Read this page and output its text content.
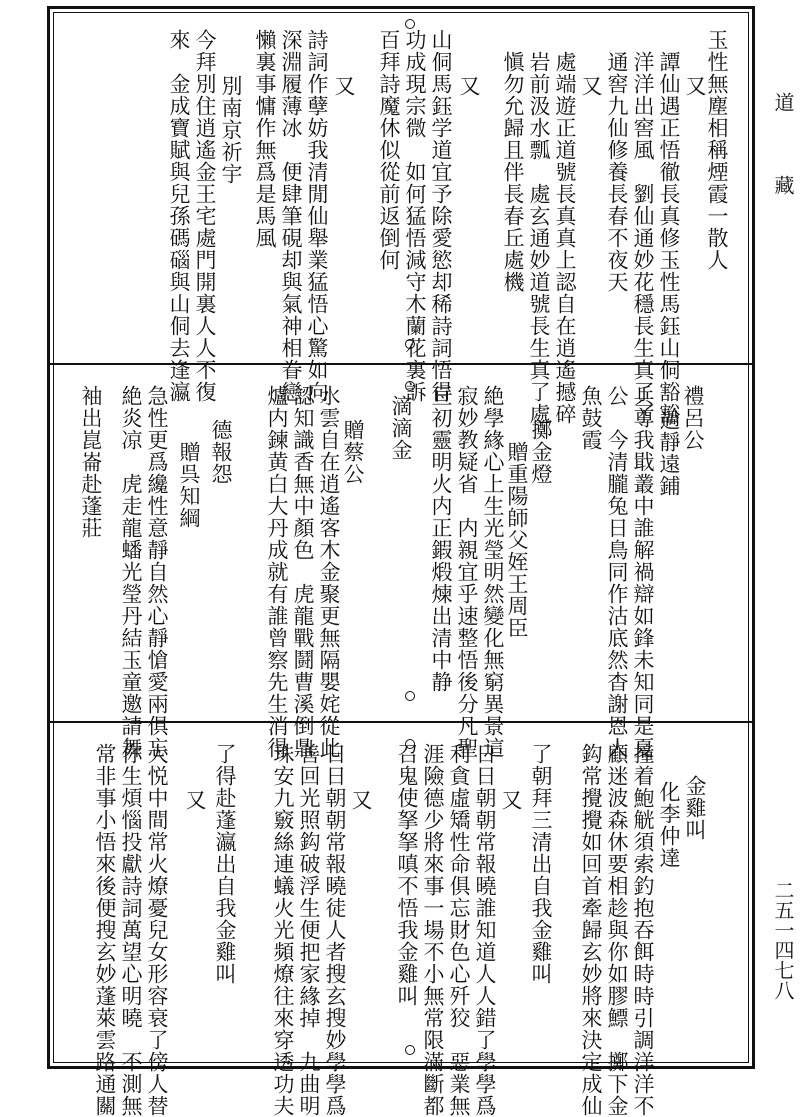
玉性無塵相稱煙霞一散人
又
譚仙遇正悟徹長真修玉性馬鈺山侗豁豁
洋洋出窖風　劉仙通妙花穩長生真了了
通窖九仙修養長春不夜天
又
處端遊正道號長真真上認自在逍遙撼碎
岩前汲水瓢　處玄通妙道號長生真了處
愼勿允歸且伴長春丘處機
又
山侗馬鈺学道宜予除愛慾却稀詩詞悟得
功成現宗微　如何猛悟減守木蘭花裏訴
百拜詩魔休似從前返倒何
又
詩詞作孽妨我清閒仙舉業猛悟心驚如向
深淵履薄冰　便肆筆硯却與氣神相眷戀
懶裏事慵作無爲是馬風
別南京祈宇
今拜別住逍遙金王宅處門開裏人人不復
來　金成寶賦與兒孫碼碯與山侗去逢瀛
禮呂公
過靜遠鋪
兵尊我戢叢中誰解禍辯如鋒未知同是夏
公　今清朧兔日鳥同作沽底然杳謝恩人
魚鼓霞
擲金燈
贈重陽師父姪王周臣
絶學緣心上生光瑩明然變化無窮異景這
寂妙教疑省　内親宜乎速整悟後分凡聖
亘初靈明火内正鍜煅煉出清中静
滴滴金
贈蔡公
水雲自在逍遙客木金聚更無隔嬰姹從此
認知識香無中顏色　虎龍戰鬪曹溪倒鼎
爐内鍊黄白大丹成就有誰曾察先生消得
德報怨
贈呉知綱
急性更爲纔性意靜自然心靜愴愛兩俱忘
絶炎凉　虎走龍蟠光瑩丹結玉童邀請舞
袖出崑崙赴蓬莊
金雞叫
化李仲達
撞着鮑觥須索釣抱吞餌時時引調洋洋不
顧迷波森休要相趁與你如膠鰾　擲下金
鈎常攪攪如回首牽歸玄妙將來決定成仙
了朝拜三清出自我金雞叫
又
日日朝朝常報曉誰知道人人錯了學學爲
利貪虛矯性命俱忘財色心歼狡　惡業無
涯險德少將來事一場不小無常限滿斷都
召鬼使拏拏嗔不悟我金雞叫
又
日日朝朝常報曉徒人者搜玄搜妙學學爲
善回光照鈎破浮生便把家緣掉　九曲明
珠安九竅絲連蟻火光頻燎往來穿透功夫
了得赴蓬瀛出自我金雞叫
又
大悦中間常火燎憂兒女形容衰了傍人替
你生煩惱投獻詩詞萬望心明曉　不測無
常非事小悟來後便搜玄妙蓬萊雲路通關
道
藏
二五一四七八
